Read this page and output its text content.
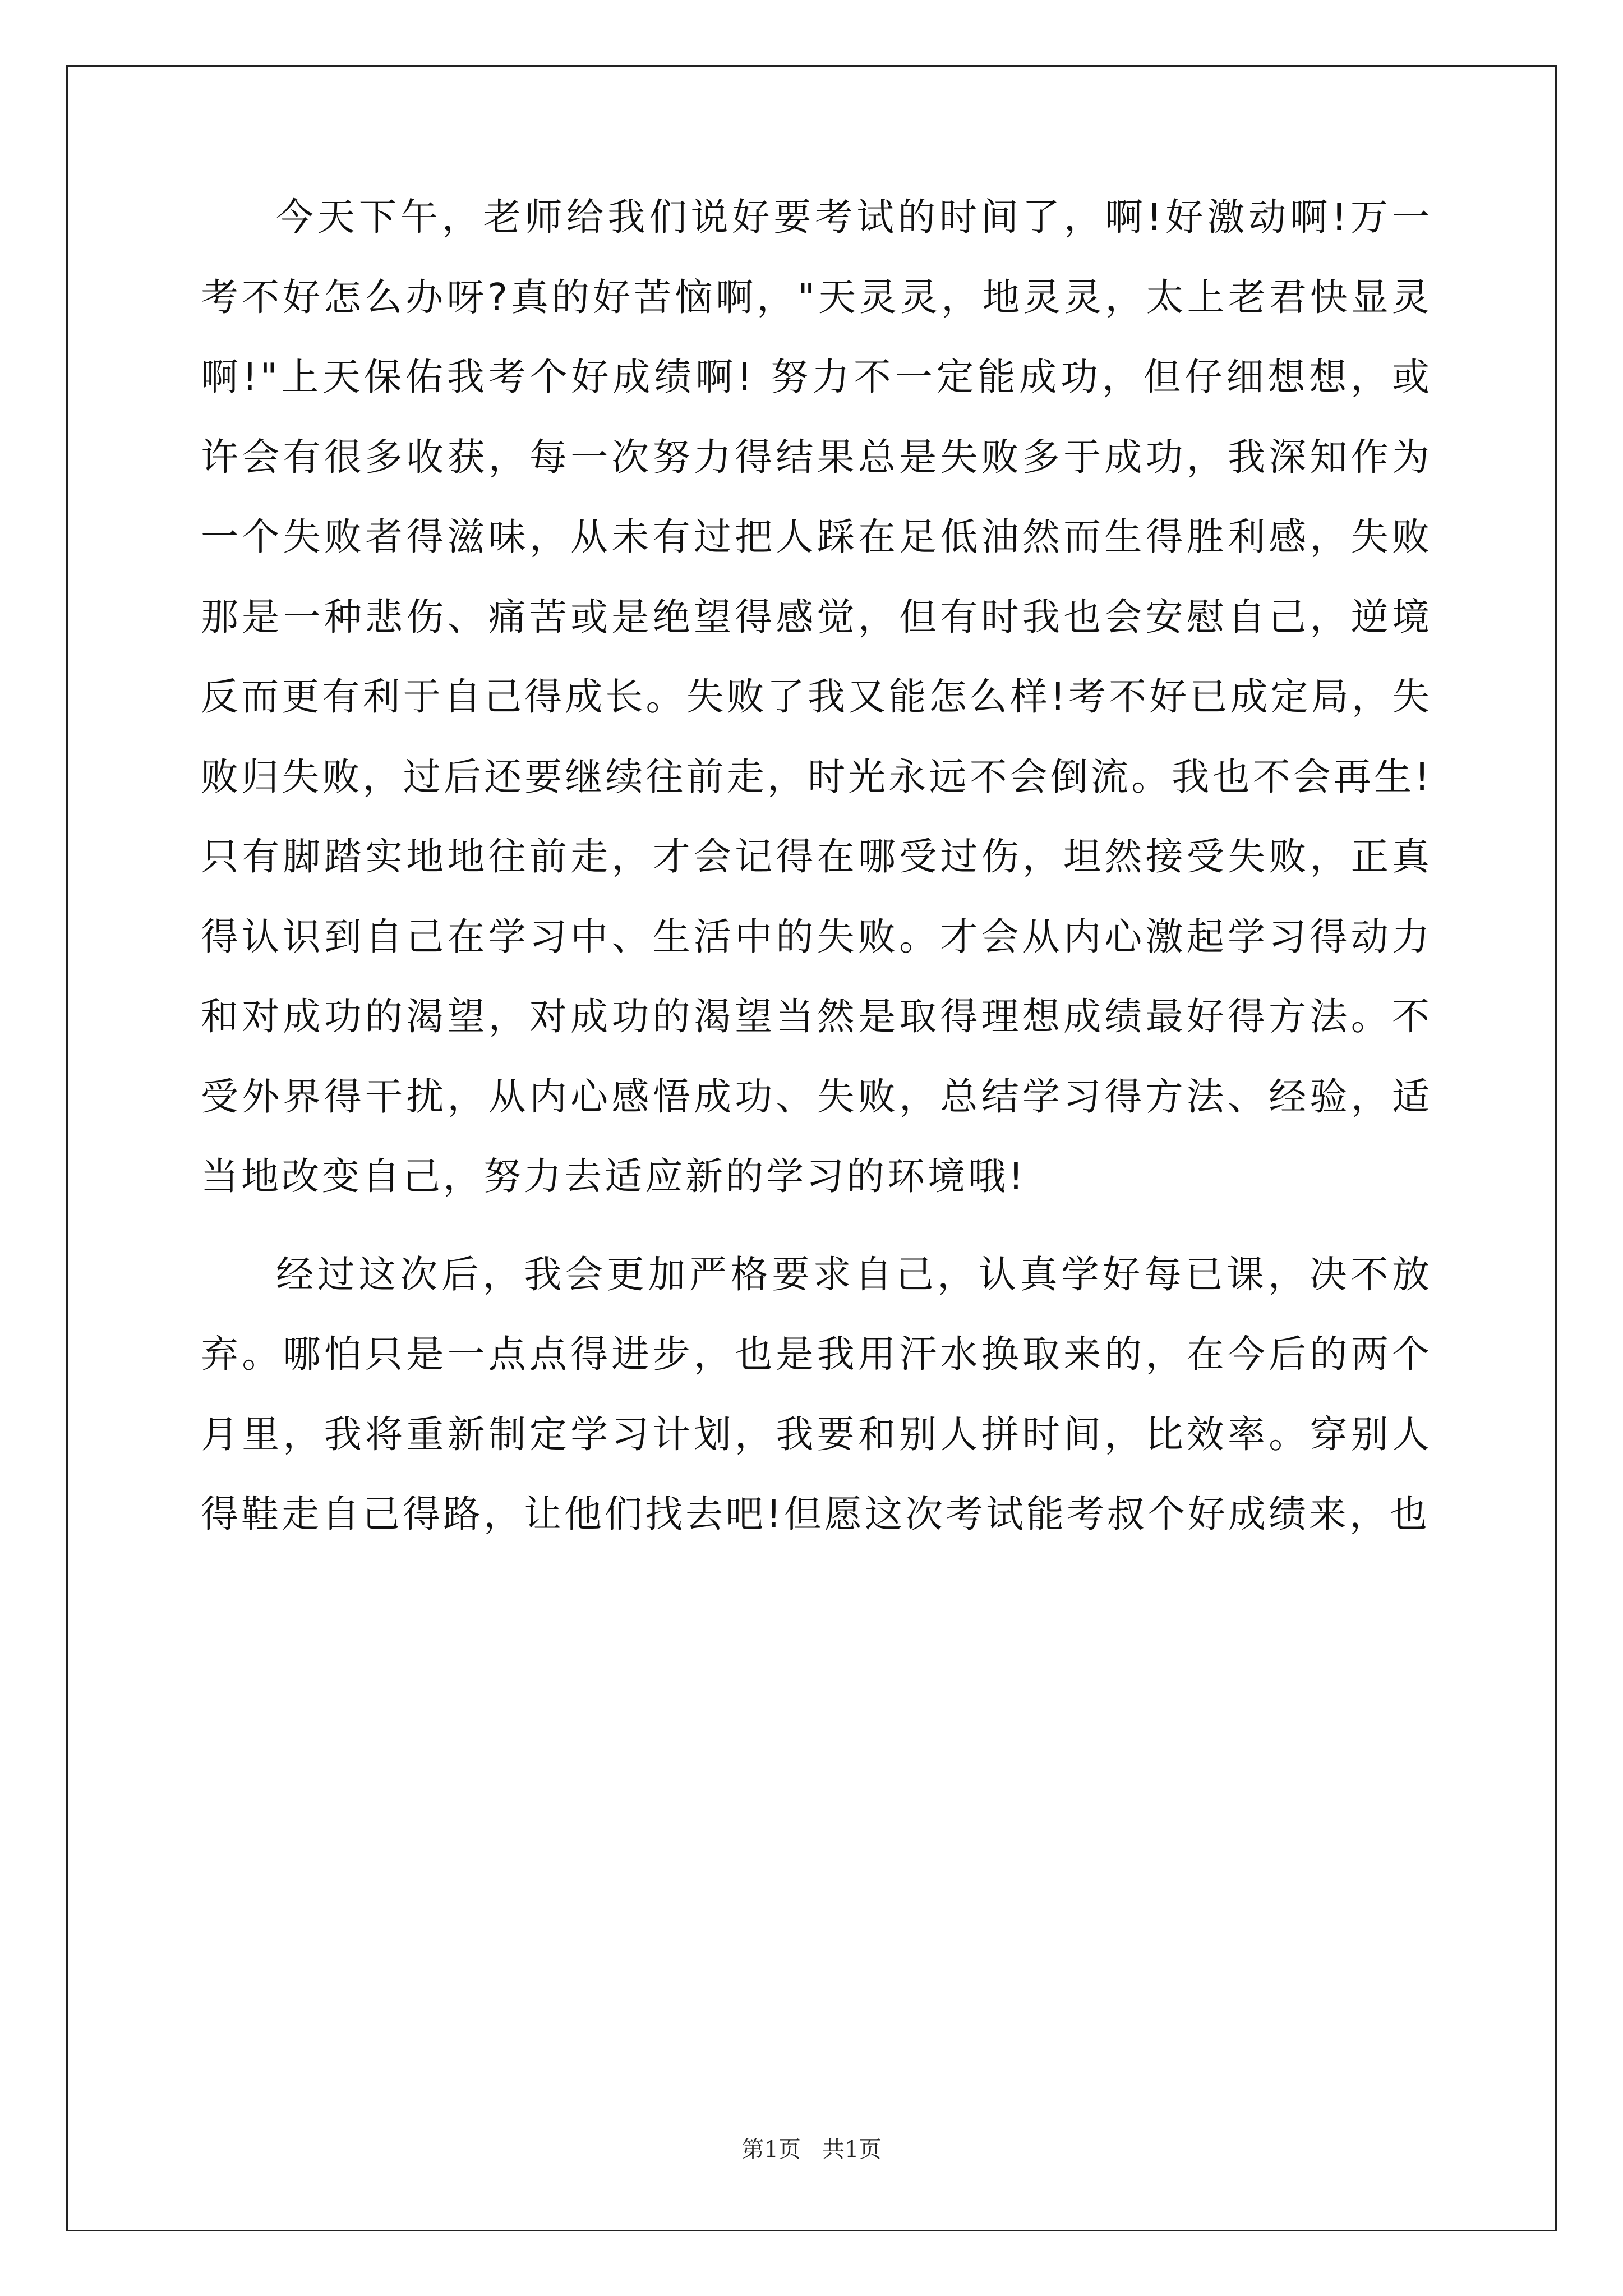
今天下午，老师给我们说好要考试的时间了，啊!好激动啊!万一考不好怎么办呀?真的好苦恼啊，"天灵灵，地灵灵，太上老君快显灵啊!"上天保佑我考个好成绩啊! 努力不一定能成功，但仔细想想，或许会有很多收获，每一次努力得结果总是失败多于成功，我深知作为一个失败者得滋味，从未有过把人踩在足低油然而生得胜利感，失败那是一种悲伤、痛苦或是绝望得感觉，但有时我也会安慰自己，逆境反而更有利于自己得成长。失败了我又能怎么样!考不好已成定局，失败归失败，过后还要继续往前走，时光永远不会倒流。我也不会再生!只有脚踏实地地往前走，才会记得在哪受过伤，坦然接受失败，正真得认识到自己在学习中、生活中的失败。才会从内心激起学习得动力和对成功的渴望，对成功的渴望当然是取得理想成绩最好得方法。不受外界得干扰，从内心感悟成功、失败，总结学习得方法、经验，适当地改变自己，努力去适应新的学习的环境哦!

经过这次后，我会更加严格要求自己，认真学好每已课，决不放弃。哪怕只是一点点得进步，也是我用汗水换取来的，在今后的两个月里，我将重新制定学习计划，我要和别人拼时间，比效率。穿别人得鞋走自己得路，让他们找去吧!但愿这次考试能考叔个好成绩来，也

第1页   共1页
